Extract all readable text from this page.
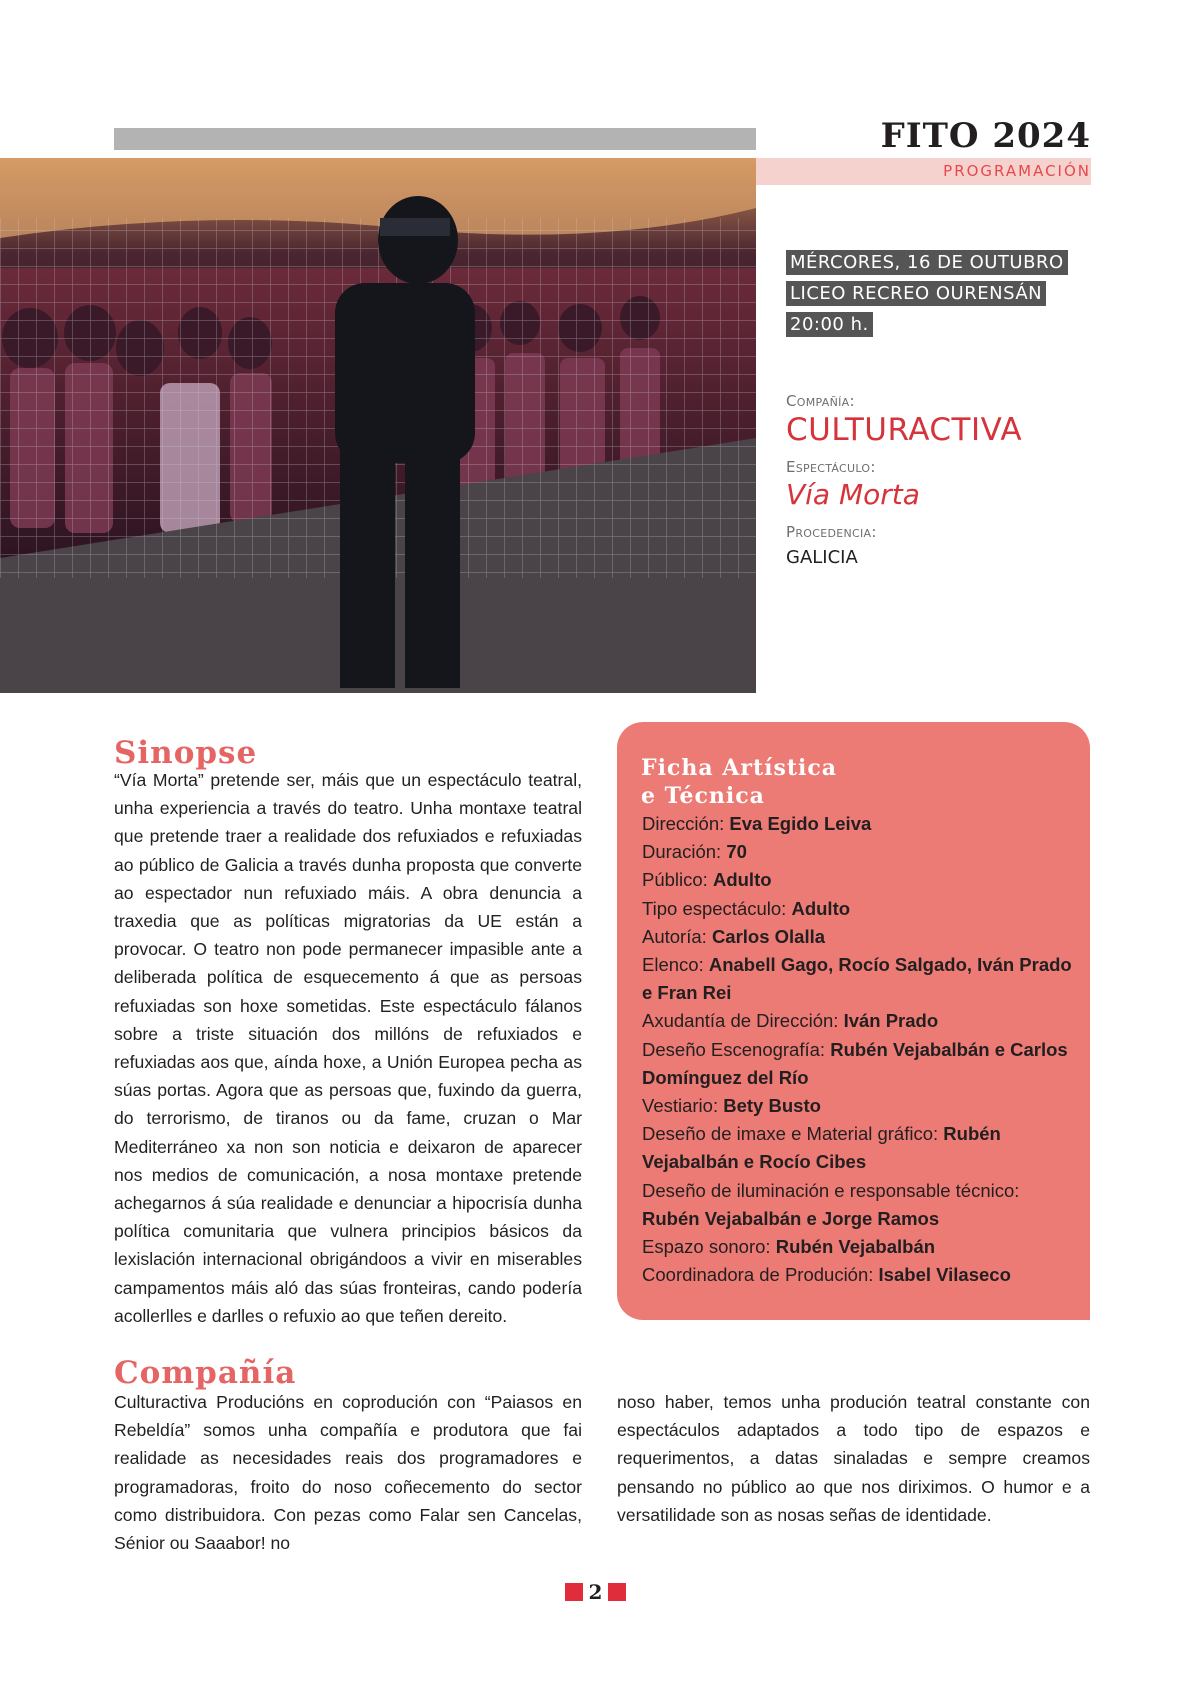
FITO 2024
PROGRAMACIÓN
MÉRCORES, 16 DE OUTUBRO
LICEO RECREO OURENSÁN
20:00 h.
Compañía:
CULTURACTIVA
Espectáculo:
Vía Morta
Procedencia:
GALICIA
Sinopse
“Vía Morta” pretende ser, máis que un espectáculo teatral, unha experiencia a través do teatro. Unha montaxe teatral que pretende traer a realidade dos refuxiados e refuxiadas ao público de Galicia a través dunha proposta que converte ao espectador nun refuxiado máis. A obra denuncia a traxedia que as políticas migratorias da UE están a provocar. O teatro non pode permanecer impasible ante a deliberada política de esquecemento á que as persoas refuxiadas son hoxe sometidas. Este espectáculo fálanos sobre a triste situación dos millóns de refuxiados e refuxiadas aos que, aínda hoxe, a Unión Europea pecha as súas portas. Agora que as persoas que, fuxindo da guerra, do terrorismo, de tiranos ou da fame, cruzan o Mar Mediterráneo xa non son noticia e deixaron de aparecer nos medios de comunicación, a nosa montaxe pretende achegarnos á súa realidade e denunciar a hipocrisía dunha política comunitaria que vulnera principios básicos da lexislación internacional obrigándoos a vivir en miserables campamentos máis aló das súas fronteiras, cando podería acollerlles e darlles o refuxio ao que teñen dereito.
Ficha Artística
e Técnica
Dirección: Eva Egido Leiva
Duración: 70
Público: Adulto
Tipo espectáculo: Adulto
Autoría: Carlos Olalla
Elenco: Anabell Gago, Rocío Salgado, Iván Prado e Fran Rei
Axudantía de Dirección: Iván Prado
Deseño Escenografía: Rubén Vejabalbán e Carlos Domínguez del Río
Vestiario: Bety Busto
Deseño de imaxe e Material gráfico: Rubén Vejabalbán e Rocío Cibes
Deseño de iluminación e responsable técnico: Rubén Vejabalbán e Jorge Ramos
Espazo sonoro: Rubén Vejabalbán
Coordinadora de Produción: Isabel Vilaseco
Compañía
Culturactiva Producións en coprodución con “Paiasos en Rebeldía” somos unha compañía e produtora que fai realidade as necesidades reais dos programadores e programadoras, froito do noso coñecemento do sector como distribuidora. Con pezas como Falar sen Cancelas, Sénior ou Saaabor! no
noso haber, temos unha produción teatral constante con espectáculos adaptados a todo tipo de espazos e requerimentos, a datas sinaladas e sempre creamos pensando no público ao que nos diriximos. O humor e a versatilidade son as nosas señas de identidade.
2
